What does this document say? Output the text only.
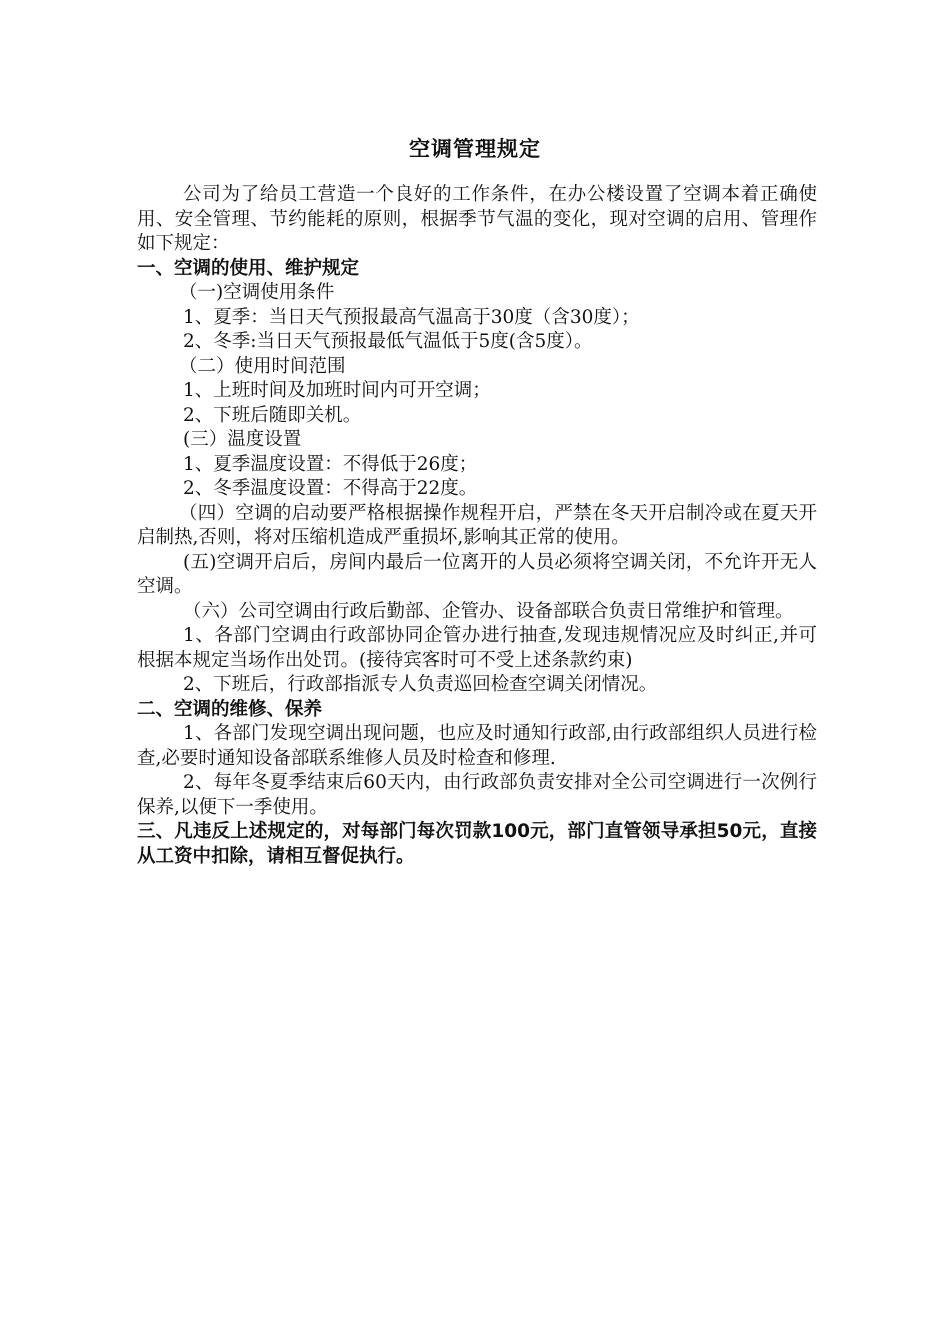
空调管理规定

公司为了给员工营造一个良好的工作条件，在办公楼设置了空调本着正确使用、安全管理、节约能耗的原则，根据季节气温的变化，现对空调的启用、管理作如下规定：

一、空调的使用、维护规定

（一)空调使用条件

1、夏季：当日天气预报最高气温高于30度（含30度）；

2、冬季:当日天气预报最低气温低于5度(含5度）。

（二）使用时间范围

1、上班时间及加班时间内可开空调；

2、下班后随即关机。

(三）温度设置

1、夏季温度设置：不得低于26度；

2、冬季温度设置：不得高于22度。

（四）空调的启动要严格根据操作规程开启，严禁在冬天开启制冷或在夏天开启制热,否则，将对压缩机造成严重损坏,影响其正常的使用。

(五)空调开启后，房间内最后一位离开的人员必须将空调关闭，不允许开无人空调。

（六）公司空调由行政后勤部、企管办、设备部联合负责日常维护和管理。

1、各部门空调由行政部协同企管办进行抽查,发现违规情况应及时纠正,并可根据本规定当场作出处罚。(接待宾客时可不受上述条款约束)

2、下班后，行政部指派专人负责巡回检查空调关闭情况。

二、空调的维修、保养

1、各部门发现空调出现问题，也应及时通知行政部,由行政部组织人员进行检查,必要时通知设备部联系维修人员及时检查和修理.

2、每年冬夏季结束后60天内，由行政部负责安排对全公司空调进行一次例行保养,以便下一季使用。

三、凡违反上述规定的，对每部门每次罚款100元，部门直管领导承担50元，直接从工资中扣除，请相互督促执行。
